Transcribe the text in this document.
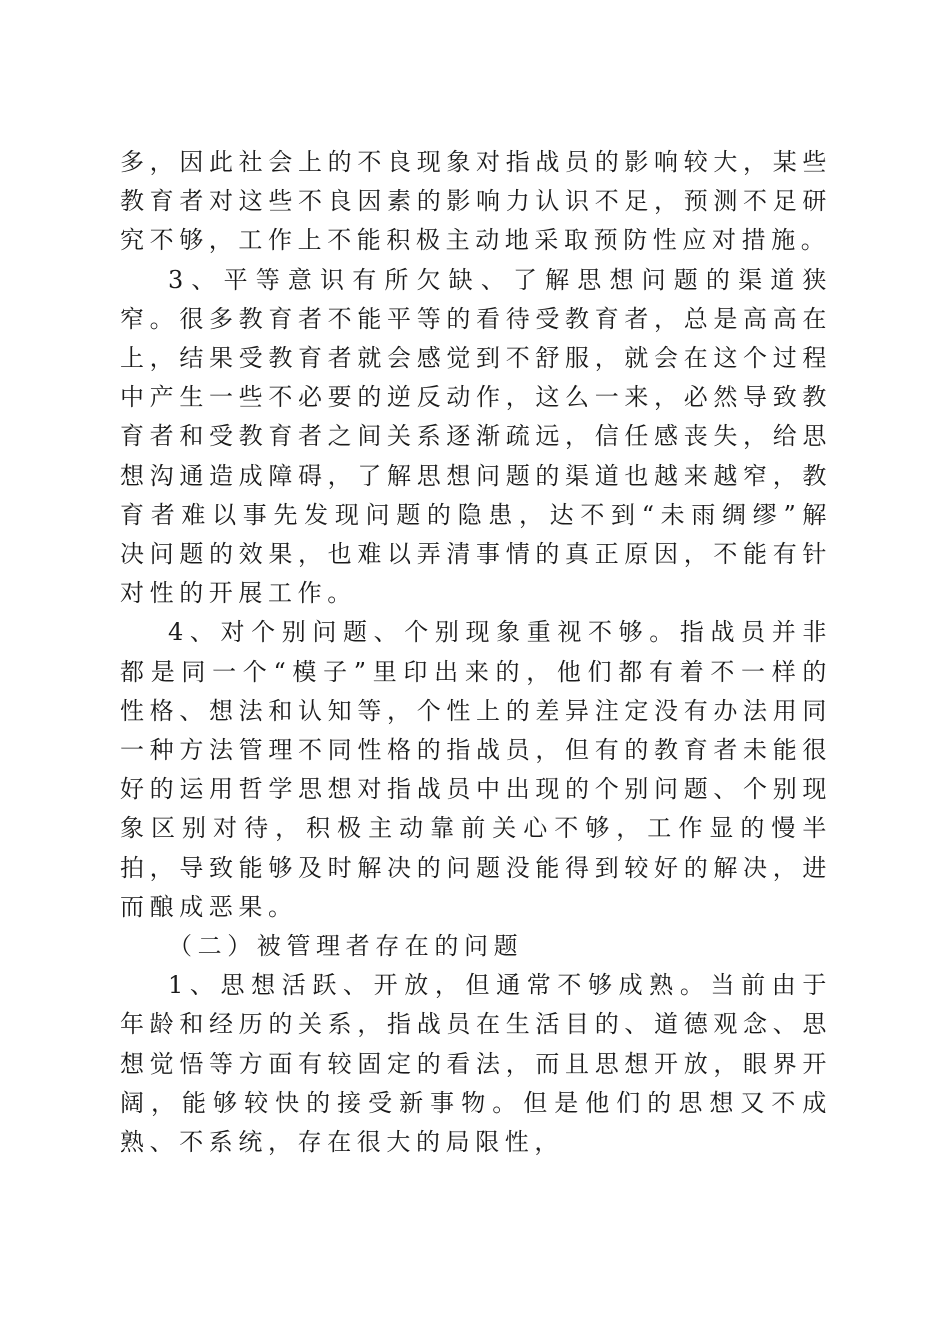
多，因此社会上的不良现象对指战员的影响较大，某些教育者对这些不良因素的影响力认识不足，预测不足研究不够，工作上不能积极主动地采取预防性应对措施。

3、平等意识有所欠缺、了解思想问题的渠道狭窄。很多教育者不能平等的看待受教育者，总是高高在上，结果受教育者就会感觉到不舒服，就会在这个过程中产生一些不必要的逆反动作，这么一来，必然导致教育者和受教育者之间关系逐渐疏远，信任感丧失，给思想沟通造成障碍，了解思想问题的渠道也越来越窄，教育者难以事先发现问题的隐患，达不到“未雨绸缪”解决问题的效果，也难以弄清事情的真正原因，不能有针对性的开展工作。

4、对个别问题、个别现象重视不够。指战员并非都是同一个“模子”里印出来的，他们都有着不一样的性格、想法和认知等，个性上的差异注定没有办法用同一种方法管理不同性格的指战员，但有的教育者未能很好的运用哲学思想对指战员中出现的个别问题、个别现象区别对待，积极主动靠前关心不够，工作显的慢半拍，导致能够及时解决的问题没能得到较好的解决，进而酿成恶果。

（二）被管理者存在的问题

1、思想活跃、开放，但通常不够成熟。当前由于年龄和经历的关系，指战员在生活目的、道德观念、思想觉悟等方面有较固定的看法，而且思想开放，眼界开阔，能够较快的接受新事物。但是他们的思想又不成熟、不系统，存在很大的局限性，
